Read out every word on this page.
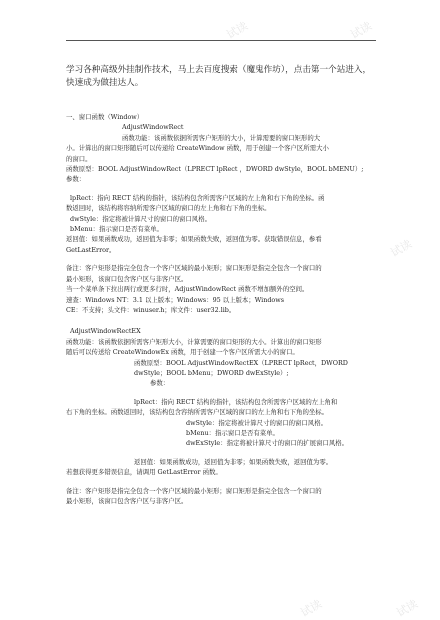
试读	试读
试读
试读	试读
学习各种高级外挂制作技术，马上去百度搜索（魔鬼作坊），点击第一个站进入，快速成为做挂达人。
一、窗口函数（Window）
AdjustWindowRect
函数功能：该函数依据所需客户矩形的大小，计算需要的窗口矩形的大
小。计算出的窗口矩形随后可以传递给 CreateWindow 函数，用于创建一个客户区所需大小
的窗口。
函数原型：BOOL AdjustWindowRect（LPRECT lpRect ，DWORD dwStyle，BOOL bMENU）;
参数：
lpRect：指向 RECT 结构的指针，该结构包含所需客户区域的左上角和右下角的坐标。函
数返回时，该结构将容纳所需客户区域的窗口的左上角和右下角的坐标。
dwStyle：指定将被计算尺寸的窗口的窗口风格。
bMenu：指示窗口是否有菜单。
返回值：如果函数成功，返回值为非零；如果函数失败，返回值为零。获取错误信息，参看
GetLastError。
备注：客户矩形是指完全包含一个客户区域的最小矩形；窗口矩形是指完全包含一个窗口的
最小矩形，该窗口包含客户区与非客户区。
当一个菜单条下拉出两行或更多行时，AdjustWindowRect 函数不增加额外的空间。
速查：Windows NT：3.1 以上版本；Windows：95 以上版本；Windows
CE：不支持；头文件：winuser.h；库文件：user32.lib。
AdjustWindowRectEX
函数功能：该函数依据所需客户矩形大小，计算需要的窗口矩形的大小。计算出的窗口矩形
随后可以传送给 CreateWindowEx 函数，用于创建一个客户区所需大小的窗口。
函数原型：BOOL AdjustWindowRectEX（LPRECT lpRect，DWORD
dwStyle；BOOL bMenu；DWORD dwExStyle）;
参数：
lpRect：指向 RECT 结构的指针，该结构包含所需客户区域的左上角和
右下角的坐标。函数返回时，该结构包含容纳所需客户区域的窗口的左上角和右下角的坐标。
dwStyle：指定将被计算尺寸的窗口的窗口风格。
bMenu：指示窗口是否有菜单。
dwExStyle：指定将被计算尺寸的窗口的扩展窗口风格。
返回值：如果函数成功，返回值为非零；如果函数失败，返回值为零。
若想获得更多错误信息，请调用 GetLastError 函数。
备注：客户矩形是指完全包含一个客户区域的最小矩形；窗口矩形是指完全包含一个窗口的
最小矩形，该窗口包含客户区与非客户区。
